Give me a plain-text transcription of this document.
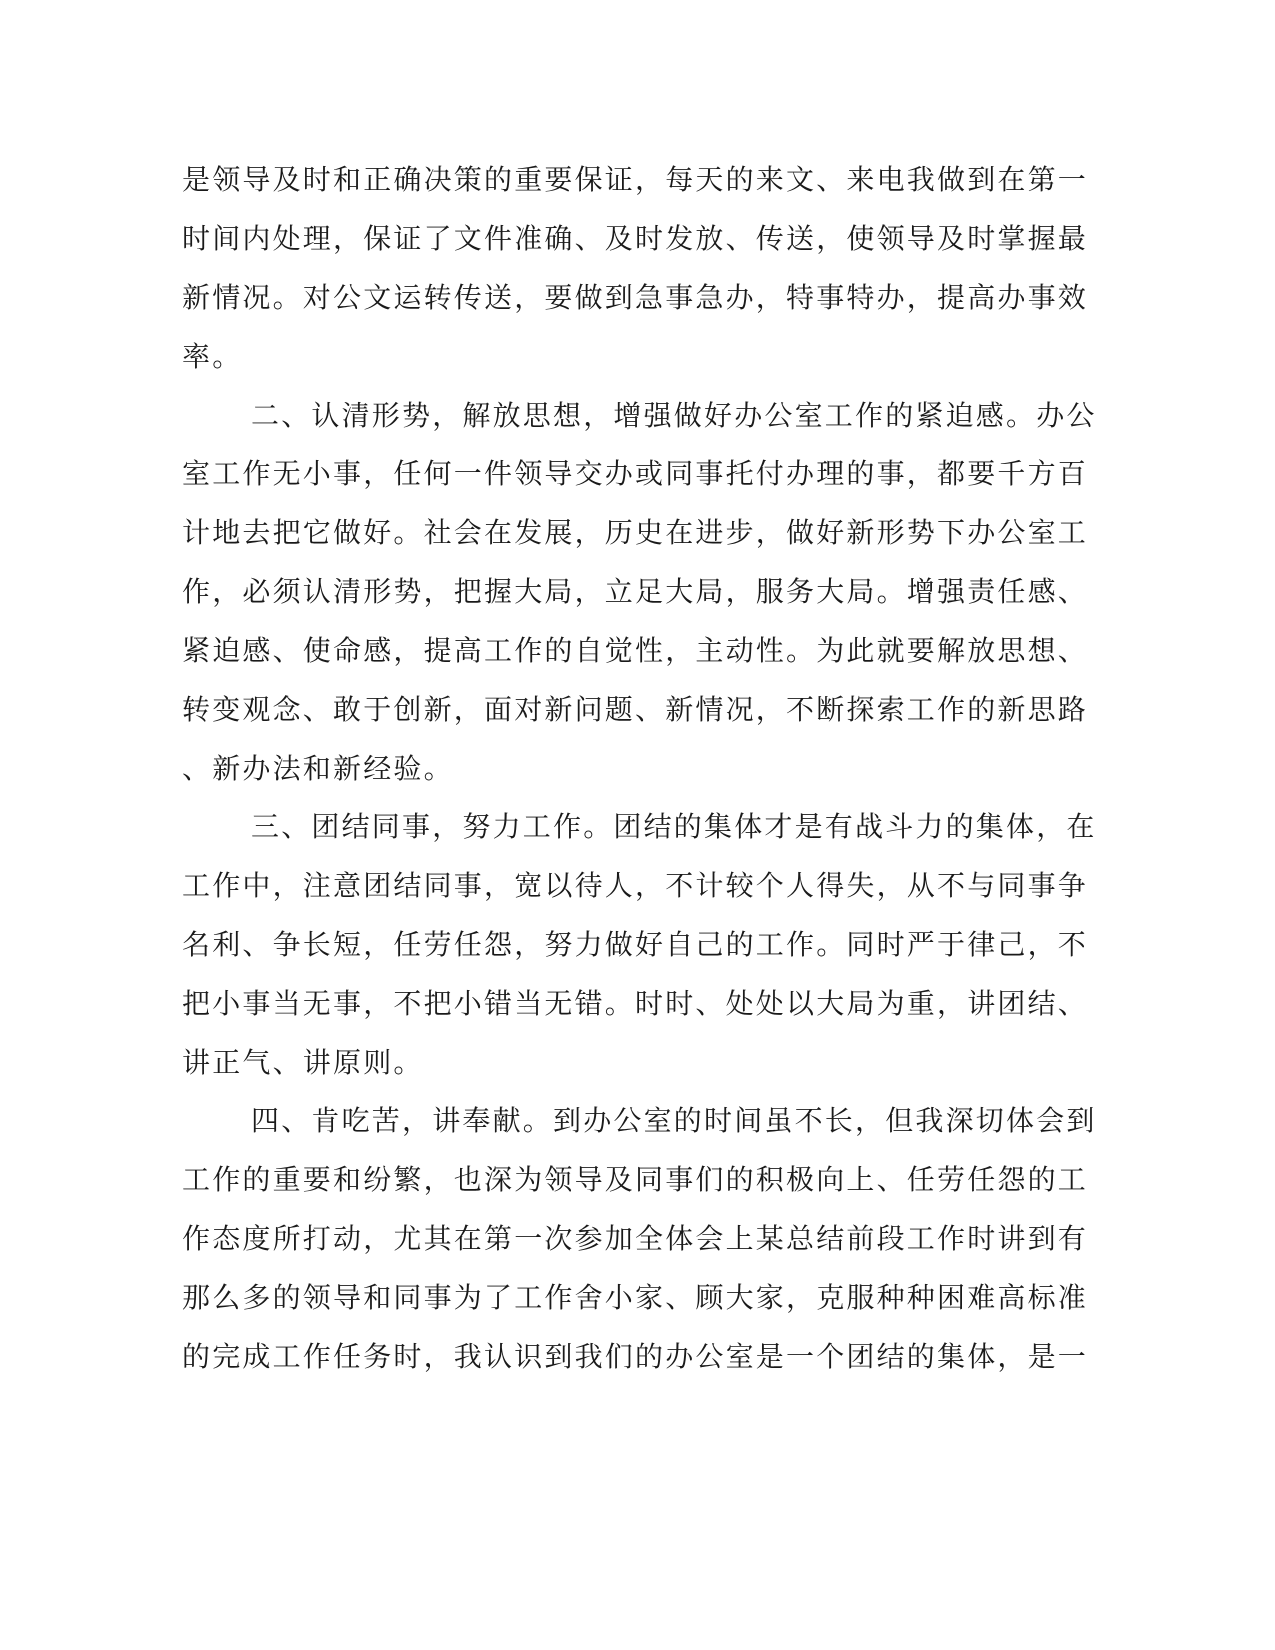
是领导及时和正确决策的重要保证，每天的来文、来电我做到在第一
时间内处理，保证了文件准确、及时发放、传送，使领导及时掌握最
新情况。对公文运转传送，要做到急事急办，特事特办，提高办事效
率。
二、认清形势，解放思想，增强做好办公室工作的紧迫感。办公
室工作无小事，任何一件领导交办或同事托付办理的事，都要千方百
计地去把它做好。社会在发展，历史在进步，做好新形势下办公室工
作，必须认清形势，把握大局，立足大局，服务大局。增强责任感、
紧迫感、使命感，提高工作的自觉性，主动性。为此就要解放思想、
转变观念、敢于创新，面对新问题、新情况，不断探索工作的新思路
、新办法和新经验。
三、团结同事，努力工作。团结的集体才是有战斗力的集体，在
工作中，注意团结同事，宽以待人，不计较个人得失，从不与同事争
名利、争长短，任劳任怨，努力做好自己的工作。同时严于律己，不
把小事当无事，不把小错当无错。时时、处处以大局为重，讲团结、
讲正气、讲原则。
四、肯吃苦，讲奉献。到办公室的时间虽不长，但我深切体会到
工作的重要和纷繁，也深为领导及同事们的积极向上、任劳任怨的工
作态度所打动，尤其在第一次参加全体会上某总结前段工作时讲到有
那么多的领导和同事为了工作舍小家、顾大家，克服种种困难高标准
的完成工作任务时，我认识到我们的办公室是一个团结的集体，是一
